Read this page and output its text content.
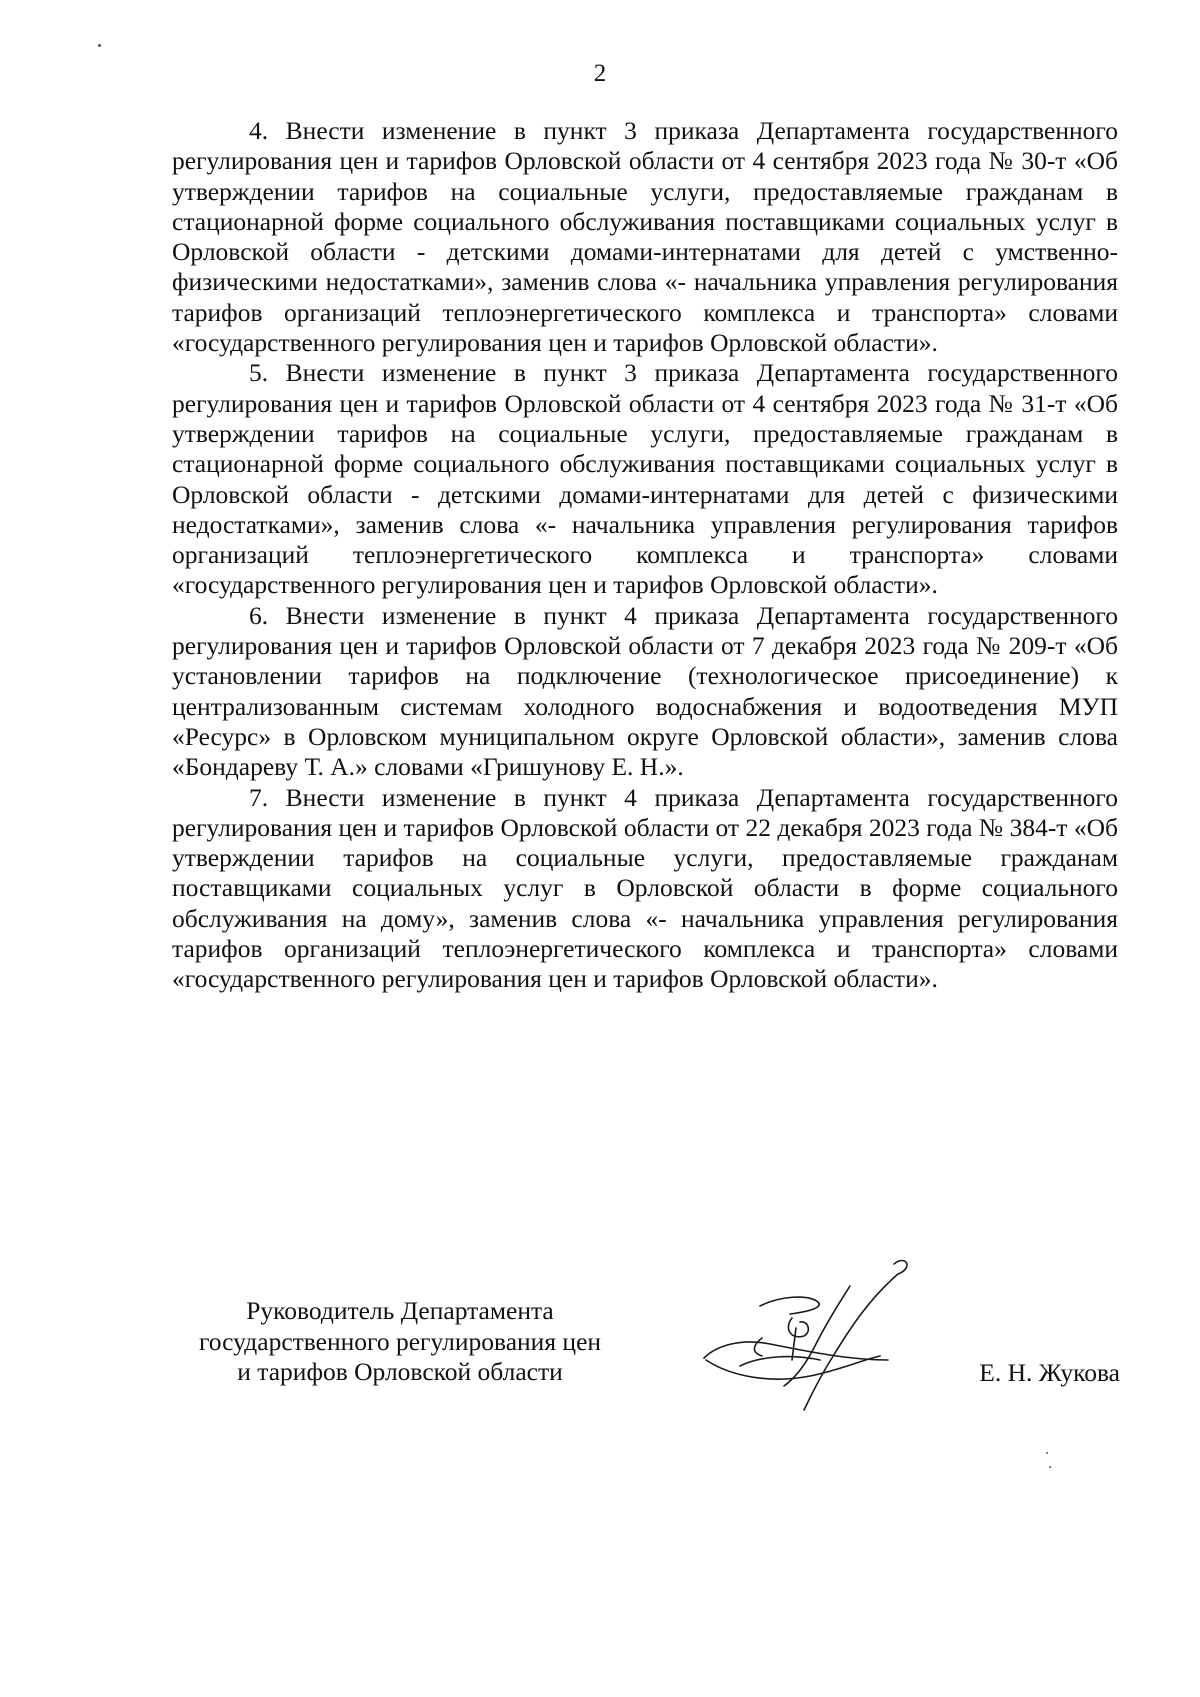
2

4. Внести изменение в пункт 3 приказа Департамента государственного регулирования цен и тарифов Орловской области от 4 сентября 2023 года № 30-т «Об утверждении тарифов на социальные услуги, предоставляемые гражданам в стационарной форме социального обслуживания поставщиками социальных услуг в Орловской области - детскими домами-интернатами для детей с умственно-физическими недостатками», заменив слова «- начальника управления регулирования тарифов организаций теплоэнергетического комплекса и транспорта» словами «государственного регулирования цен и тарифов Орловской области».

5. Внести изменение в пункт 3 приказа Департамента государственного регулирования цен и тарифов Орловской области от 4 сентября 2023 года № 31-т «Об утверждении тарифов на социальные услуги, предоставляемые гражданам в стационарной форме социального обслуживания поставщиками социальных услуг в Орловской области - детскими домами-интернатами для детей с физическими недостатками», заменив слова «- начальника управления регулирования тарифов организаций теплоэнергетического комплекса и транспорта» словами «государственного регулирования цен и тарифов Орловской области».

6. Внести изменение в пункт 4 приказа Департамента государственного регулирования цен и тарифов Орловской области от 7 декабря 2023 года № 209-т «Об установлении тарифов на подключение (технологическое присоединение) к централизованным системам холодного водоснабжения и водоотведения МУП «Ресурс» в Орловском муниципальном округе Орловской области», заменив слова «Бондареву Т. А.» словами «Гришунову Е. Н.».

7. Внести изменение в пункт 4 приказа Департамента государственного регулирования цен и тарифов Орловской области от 22 декабря 2023 года № 384-т «Об утверждении тарифов на социальные услуги, предоставляемые гражданам поставщиками социальных услуг в Орловской области в форме социального обслуживания на дому», заменив слова «- начальника управления регулирования тарифов организаций теплоэнергетического комплекса и транспорта» словами «государственного регулирования цен и тарифов Орловской области».

Руководитель Департамента
государственного регулирования цен
и тарифов Орловской области	Е. Н. Жукова
